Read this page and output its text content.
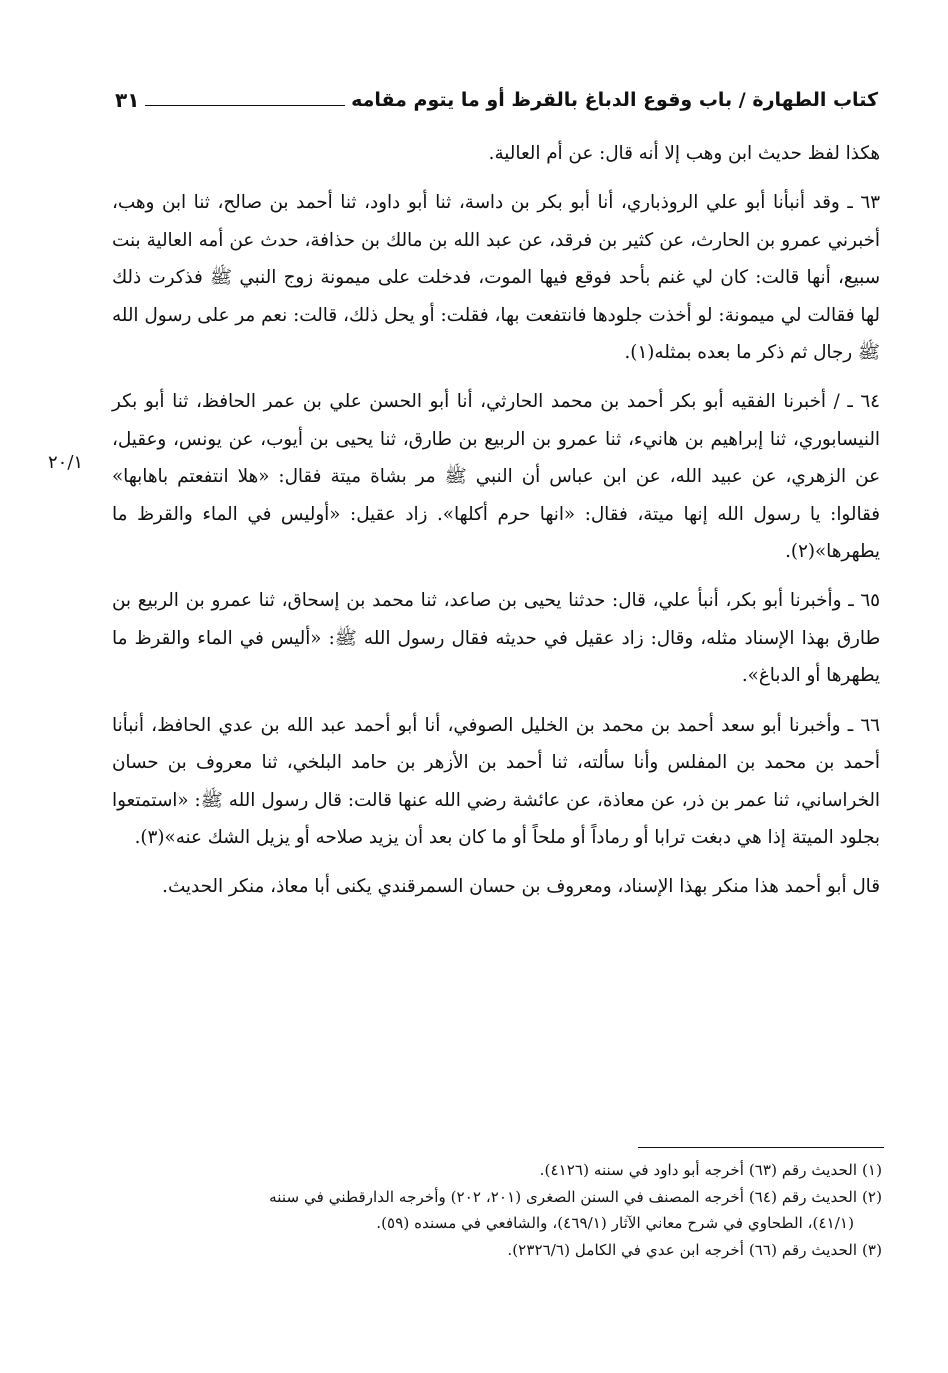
كتاب الطهارة / باب وقوع الدباغ بالقرظ أو ما يتوم مقامه
٣١
٢٠/١

هكذا لفظ حديث ابن وهب إلا أنه قال: عن أم العالية.

٦٣ ـ وقد أنبأنا أبو علي الروذباري، أنا أبو بكر بن داسة، ثنا أبو داود، ثنا أحمد بن صالح، ثنا ابن وهب، أخبرني عمرو بن الحارث، عن كثير بن فرقد، عن عبد الله بن مالك بن حذافة، حدث عن أمه العالية بنت سبيع، أنها قالت: كان لي غنم بأحد فوقع فيها الموت، فدخلت على ميمونة زوج النبي ﷺ فذكرت ذلك لها فقالت لي ميمونة: لو أخذت جلودها فانتفعت بها، فقلت: أو يحل ذلك، قالت: نعم مر على رسول الله ﷺ رجال ثم ذكر ما بعده بمثله(١).

٦٤ ـ / أخبرنا الفقيه أبو بكر أحمد بن محمد الحارثي، أنا أبو الحسن علي بن عمر الحافظ، ثنا أبو بكر النيسابوري، ثنا إبراهيم بن هانيء، ثنا عمرو بن الربيع بن طارق، ثنا يحيى بن أيوب، عن يونس، وعقيل، عن الزهري، عن عبيد الله، عن ابن عباس أن النبي ﷺ مر بشاة ميتة فقال: «هلا انتفعتم باهابها» فقالوا: يا رسول الله إنها ميتة، فقال: «انها حرم أكلها». زاد عقيل: «أوليس في الماء والقرظ ما يطهرها»(٢).

٦٥ ـ وأخبرنا أبو بكر، أنبأ علي، قال: حدثنا يحيى بن صاعد، ثنا محمد بن إسحاق، ثنا عمرو بن الربيع بن طارق بهذا الإسناد مثله، وقال: زاد عقيل في حديثه فقال رسول الله ﷺ: «أليس في الماء والقرظ ما يطهرها أو الدباغ».

٦٦ ـ وأخبرنا أبو سعد أحمد بن محمد بن الخليل الصوفي، أنا أبو أحمد عبد الله بن عدي الحافظ، أنبأنا أحمد بن محمد بن المفلس وأنا سألته، ثنا أحمد بن الأزهر بن حامد البلخي، ثنا معروف بن حسان الخراساني، ثنا عمر بن ذر، عن معاذة، عن عائشة رضي الله عنها قالت: قال رسول الله ﷺ: «استمتعوا بجلود الميتة إذا هي دبغت ترابا أو رماداً أو ملحاً أو ما كان بعد أن يزيد صلاحه أو يزيل الشك عنه»(٣).

قال أبو أحمد هذا منكر بهذا الإسناد، ومعروف بن حسان السمرقندي يكنى أبا معاذ، منكر الحديث.

(١) الحديث رقم (٦٣) أخرجه أبو داود في سننه (٤١٢٦).

(٢) الحديث رقم (٦٤) أخرجه المصنف في السنن الصغرى (٢٠١، ٢٠٢) وأخرجه الدارقطني في سننه

(٤١/١)، الطحاوي في شرح معاني الآثار (٤٦٩/١)، والشافعي في مسنده (٥٩).

(٣) الحديث رقم (٦٦) أخرجه ابن عدي في الكامل (٢٣٢٦/٦).
